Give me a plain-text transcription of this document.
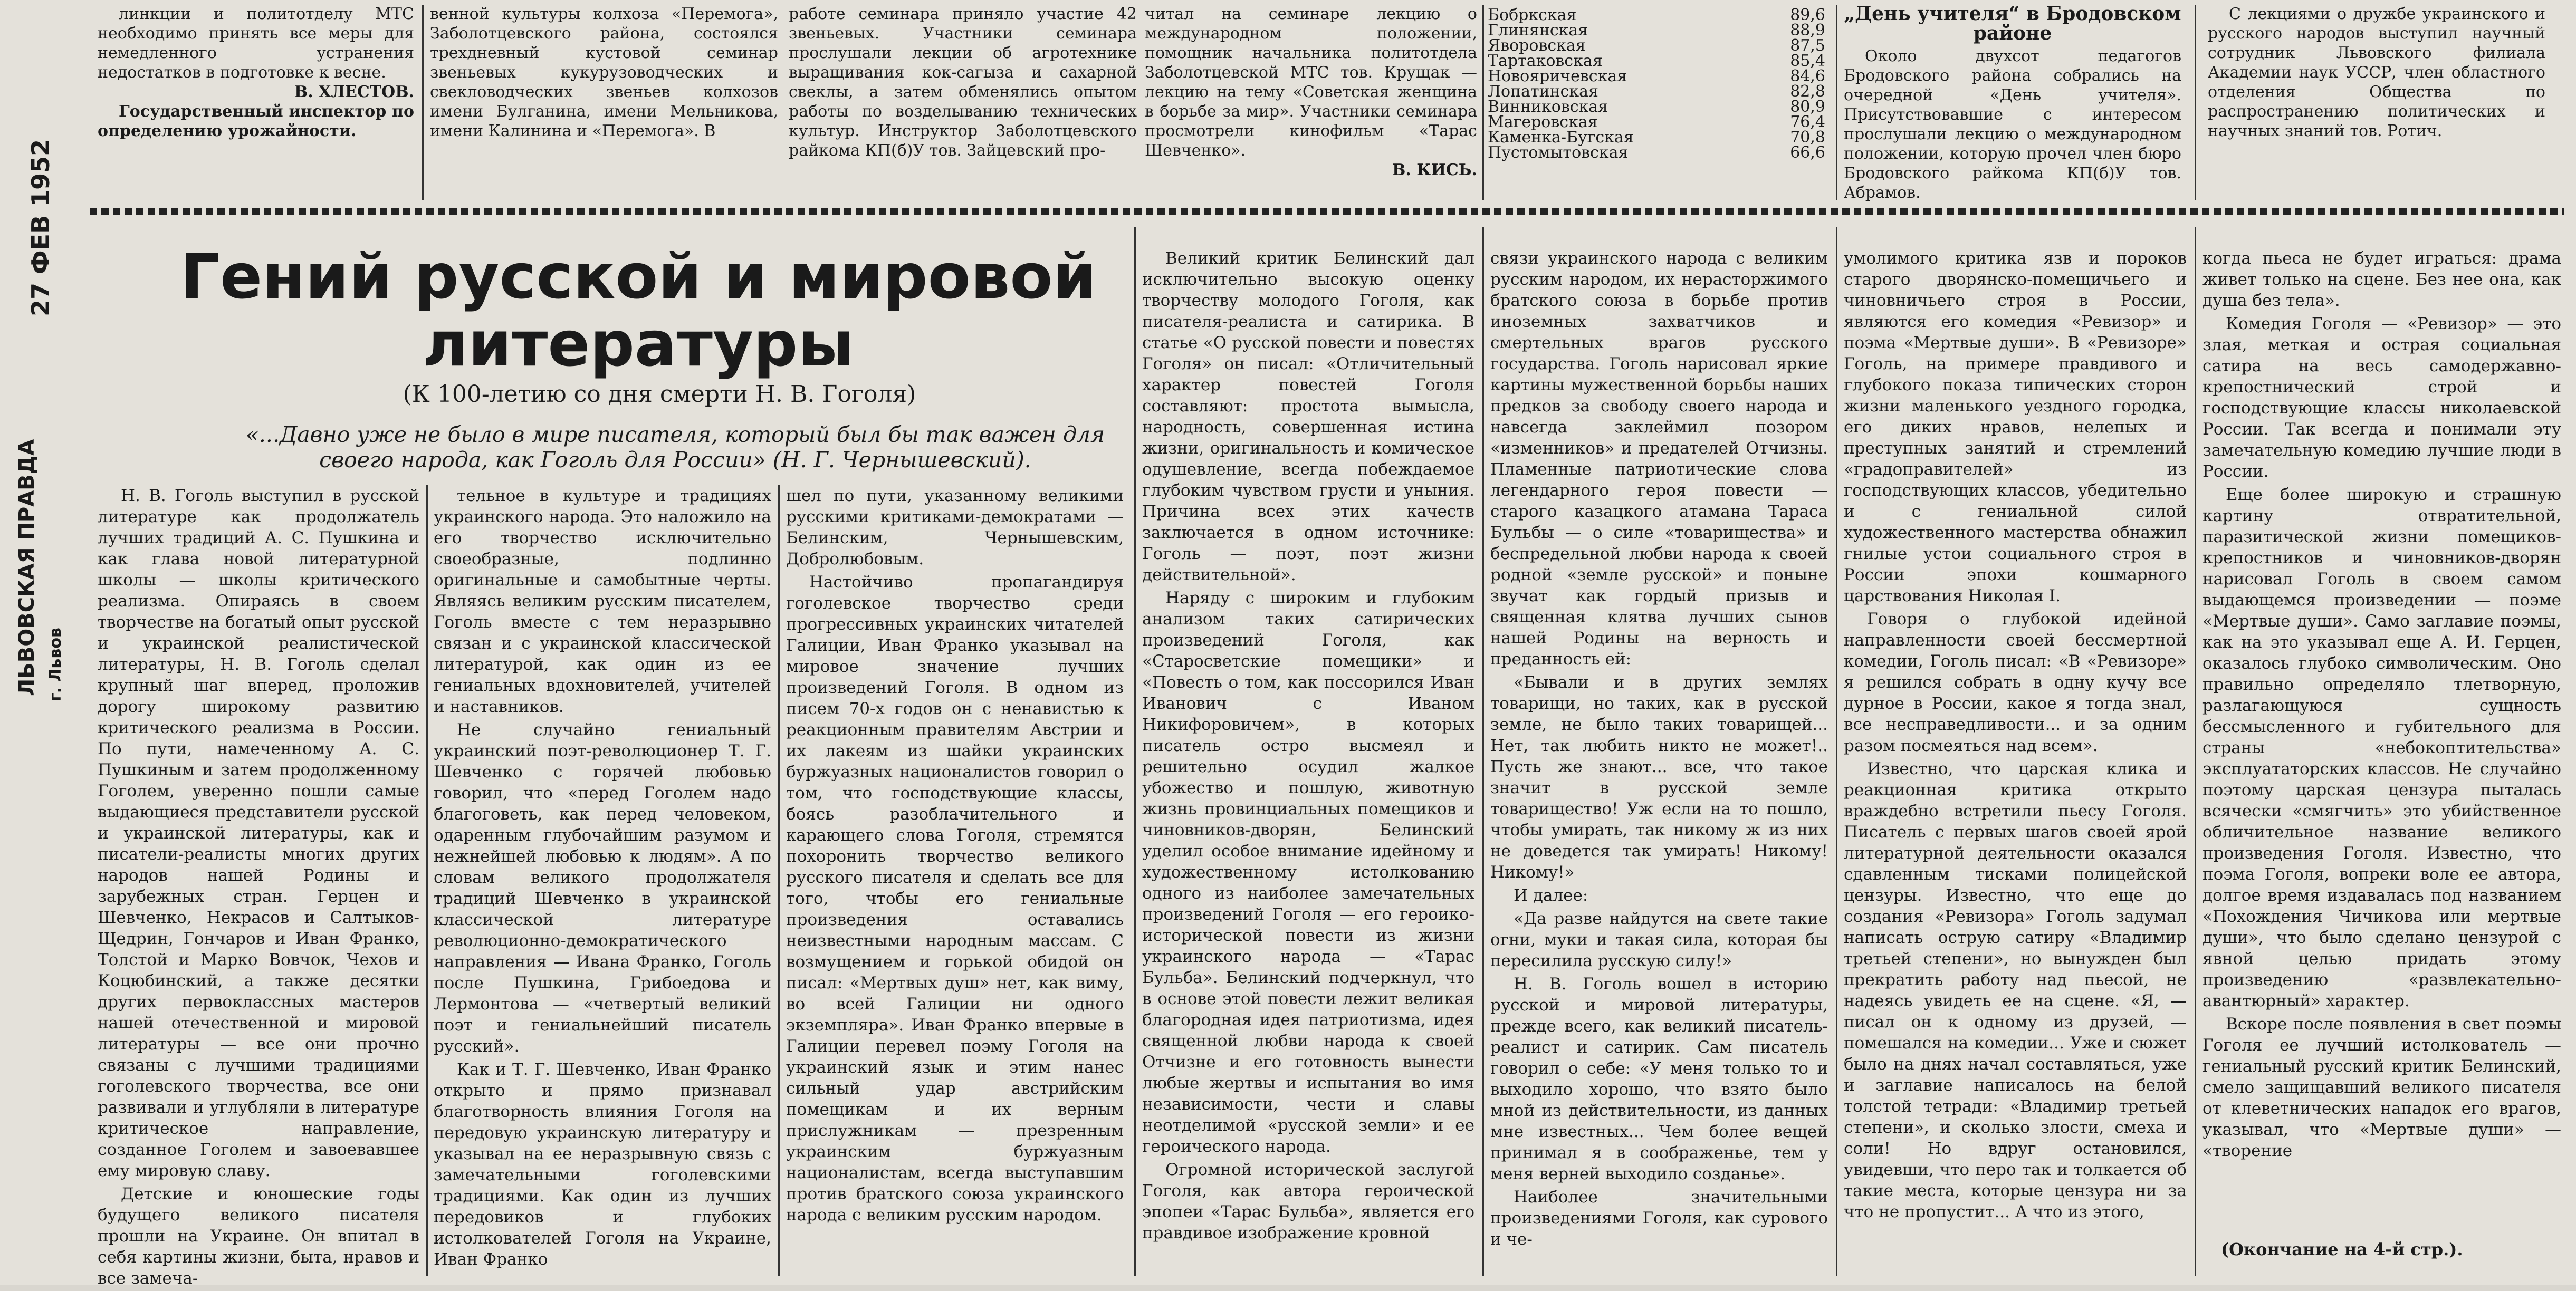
27 ФЕВ 1952
ЛЬВОВСКАЯ ПРАВДА г. Львов

линкции и политотделу МТС необходимо принять все меры для немедленного устранения недостатков в подготовке к весне.

В. ХЛЕСТОВ.

Государственный инспектор по определению урожайности.

венной культуры колхоза «Перемога», Заболотцевского района, состоялся трехдневный кустовой семинар звеньевых кукурузоводческих и свекловодческих звеньев колхозов имени Булганина, имени Мельникова, имени Калинина и «Перемога». В

работе семинара приняло участие 42 звеньевых. Участники семинара прослушали лекции об агротехнике выращивания кок-сагыза и сахарной свеклы, а затем обменялись опытом работы по возделыванию технических культур. Инструктор Заболотцевского райкома КП(б)У тов. Зайцевский про-

читал на семинаре лекцию о международном положении, помощник начальника политотдела Заболотцевской МТС тов. Крущак — лекцию на тему «Советская женщина в борьбе за мир». Участники семинара просмотрели кинофильм «Тарас Шевченко».

В. КИСЬ.

Бобркская	89,6
Глинянская	88,9
Яворовская	87,5
Тартаковская	85,4
Новояричевская	84,6
Лопатинская	82,8
Винниковская	80,9
Магеровская	76,4
Каменка-Бугская	70,8
Пустомытовская	66,6

„День учителя“ в Бродовском районе

Около двухсот педагогов Бродовского района собрались на очередной «День учителя». Присутствовавшие с интересом прослушали лекцию о международном положении, которую прочел член бюро Бродовского райкома КП(б)У тов. Абрамов.

С лекциями о дружбе украинского и русского народов выступил научный сотрудник Львовского филиала Академии наук УССР, член областного отделения Общества по распространению политических и научных знаний тов. Ротич.

Гений русской и мировой литературы
(К 100-летию со дня смерти Н. В. Гоголя)
«...Давно уже не было в мире писателя, который был бы так важен для своего народа, как Гоголь для России» (Н. Г. Чернышевский).

Н. В. Гоголь выступил в русской литературе как продолжатель лучших традиций А. С. Пушкина и как глава новой литературной школы — школы критического реализма. Опираясь в своем творчестве на богатый опыт русской и украинской реалистической литературы, Н. В. Гоголь сделал крупный шаг вперед, проложив дорогу широкому развитию критического реализма в России. По пути, намеченному А. С. Пушкиным и затем продолженному Гоголем, уверенно пошли самые выдающиеся представители русской и украинской литературы, как и писатели-реалисты многих других народов нашей Родины и зарубежных стран. Герцен и Шевченко, Некрасов и Салтыков-Щедрин, Гончаров и Иван Франко, Толстой и Марко Вовчок, Чехов и Коцюбинский, а также десятки других первоклассных мастеров нашей отечественной и мировой литературы — все они прочно связаны с лучшими традициями гоголевского творчества, все они развивали и углубляли в литературе критическое направление, созданное Гоголем и завоевавшее ему мировую славу.

Детские и юношеские годы будущего великого писателя прошли на Украине. Он впитал в себя картины жизни, быта, нравов и все замеча-

тельное в культуре и традициях украинского народа. Это наложило на его творчество исключительно своеобразные, подлинно оригинальные и самобытные черты. Являясь великим русским писателем, Гоголь вместе с тем неразрывно связан и с украинской классической литературой, как один из ее гениальных вдохновителей, учителей и наставников.

Не случайно гениальный украинский поэт-революционер Т. Г. Шевченко с горячей любовью говорил, что «перед Гоголем надо благоговеть, как перед человеком, одаренным глубочайшим разумом и нежнейшей любовью к людям». А по словам великого продолжателя традиций Шевченко в украинской классической литературе революционно-демократического направления — Ивана Франко, Гоголь после Пушкина, Грибоедова и Лермонтова — «четвертый великий поэт и гениальнейший писатель русский».

Как и Т. Г. Шевченко, Иван Франко открыто и прямо признавал благотворность влияния Гоголя на передовую украинскую литературу и указывал на ее неразрывную связь с замечательными гоголевскими традициями. Как один из лучших передовиков и глубоких истолкователей Гоголя на Украине, Иван Франко

шел по пути, указанному великими русскими критиками-демократами — Белинским, Чернышевским, Добролюбовым.

Настойчиво пропагандируя гоголевское творчество среди прогрессивных украинских читателей Галиции, Иван Франко указывал на мировое значение лучших произведений Гоголя. В одном из писем 70-х годов он с ненавистью к реакционным правителям Австрии и их лакеям из шайки украинских буржуазных националистов говорил о том, что господствующие классы, боясь разоблачительного и карающего слова Гоголя, стремятся похоронить творчество великого русского писателя и сделать все для того, чтобы его гениальные произведения оставались неизвестными народным массам. С возмущением и горькой обидой он писал: «Мертвых душ» нет, как виму, во всей Галиции ни одного экземпляра». Иван Франко впервые в Галиции перевел поэму Гоголя на украинский язык и этим нанес сильный удар австрийским помещикам и их верным прислужникам — презренным украинским буржуазным националистам, всегда выступавшим против братского союза украинского народа с великим русским народом.

Великий критик Белинский дал исключительно высокую оценку творчеству молодого Гоголя, как писателя-реалиста и сатирика. В статье «О русской повести и повестях Гоголя» он писал: «Отличительный характер повестей Гоголя составляют: простота вымысла, народность, совершенная истина жизни, оригинальность и комическое одушевление, всегда побеждаемое глубоким чувством грусти и уныния. Причина всех этих качеств заключается в одном источнике: Гоголь — поэт, поэт жизни действительной».

Наряду с широким и глубоким анализом таких сатирических произведений Гоголя, как «Старосветские помещики» и «Повесть о том, как поссорился Иван Иванович с Иваном Никифоровичем», в которых писатель остро высмеял и решительно осудил жалкое убожество и пошлую, животную жизнь провинциальных помещиков и чиновников-дворян, Белинский уделил особое внимание идейному и художественному истолкованию одного из наиболее замечательных произведений Гоголя — его героико-исторической повести из жизни украинского народа — «Тарас Бульба». Белинский подчеркнул, что в основе этой повести лежит великая благородная идея патриотизма, идея священной любви народа к своей Отчизне и его готовность вынести любые жертвы и испытания во имя независимости, чести и славы неотделимой «русской земли» и ее героического народа.

Огромной исторической заслугой Гоголя, как автора героической эпопеи «Тарас Бульба», является его правдивое изображение кровной

связи украинского народа с великим русским народом, их нерасторжимого братского союза в борьбе против иноземных захватчиков и смертельных врагов русского государства. Гоголь нарисовал яркие картины мужественной борьбы наших предков за свободу своего народа и навсегда заклеймил позором «изменников» и предателей Отчизны. Пламенные патриотические слова легендарного героя повести — старого казацкого атамана Тараса Бульбы — о силе «товарищества» и беспредельной любви народа к своей родной «земле русской» и поныне звучат как гордый призыв и священная клятва лучших сынов нашей Родины на верность и преданность ей:

«Бывали и в других землях товарищи, но таких, как в русской земле, не было таких товарищей... Нет, так любить никто не может!.. Пусть же знают... все, что такое значит в русской земле товарищество! Уж если на то пошло, чтобы умирать, так никому ж из них не доведется так умирать! Никому! Никому!»

И далее:

«Да разве найдутся на свете такие огни, муки и такая сила, которая бы пересилила русскую силу!»

Н. В. Гоголь вошел в историю русской и мировой литературы, прежде всего, как великий писатель-реалист и сатирик. Сам писатель говорил о себе: «У меня только то и выходило хорошо, что взято было мной из действительности, из данных мне известных... Чем более вещей принимал я в соображенье, тем у меня верней выходило созданье».

Наиболее значительными произведениями Гоголя, как сурового и че-

умолимого критика язв и пороков старого дворянско-помещичьего и чиновничьего строя в России, являются его комедия «Ревизор» и поэма «Мертвые души». В «Ревизоре» Гоголь, на примере правдивого и глубокого показа типических сторон жизни маленького уездного городка, его диких нравов, нелепых и преступных занятий и стремлений «градоправителей» из господствующих классов, убедительно и с гениальной силой художественного мастерства обнажил гнилые устои социального строя в России эпохи кошмарного царствования Николая I.

Говоря о глубокой идейной направленности своей бессмертной комедии, Гоголь писал: «В «Ревизоре» я решился собрать в одну кучу все дурное в России, какое я тогда знал, все несправедливости... и за одним разом посмеяться над всем».

Известно, что царская клика и реакционная критика открыто враждебно встретили пьесу Гоголя. Писатель с первых шагов своей ярой литературной деятельности оказался сдавленным тисками полицейской цензуры. Известно, что еще до создания «Ревизора» Гоголь задумал написать острую сатиру «Владимир третьей степени», но вынужден был прекратить работу над пьесой, не надеясь увидеть ее на сцене. «Я, — писал он к одному из друзей, — помешался на комедии... Уже и сюжет было на днях начал составляться, уже и заглавие написалось на белой толстой тетради: «Владимир третьей степени», и сколько злости, смеха и соли! Но вдруг остановился, увидевши, что перо так и толкается об такие места, которые цензура ни за что не пропустит... А что из этого,

когда пьеса не будет играться: драма живет только на сцене. Без нее она, как душа без тела».

Комедия Гоголя — «Ревизор» — это злая, меткая и острая социальная сатира на весь самодержавно-крепостнический строй и господствующие классы николаевской России. Так всегда и понимали эту замечательную комедию лучшие люди в России.

Еще более широкую и страшную картину отвратительной, паразитической жизни помещиков-крепостников и чиновников-дворян нарисовал Гоголь в своем самом выдающемся произведении — поэме «Мертвые души». Само заглавие поэмы, как на это указывал еще А. И. Герцен, оказалось глубоко символическим. Оно правильно определяло тлетворную, разлагающуюся сущность бессмысленного и губительного для страны «небокоптительства» эксплуататорских классов. Не случайно поэтому царская цензура пыталась всячески «смягчить» это убийственное обличительное название великого произведения Гоголя. Известно, что поэма Гоголя, вопреки воле ее автора, долгое время издавалась под названием «Похождения Чичикова или мертвые души», что было сделано цензурой с явной целью придать этому произведению «развлекательно-авантюрный» характер.

Вскоре после появления в свет поэмы Гоголя ее лучший истолкователь — гениальный русский критик Белинский, смело защищавший великого писателя от клеветнических нападок его врагов, указывал, что «Мертвые души» — «творение

(Окончание на 4-й стр.).
